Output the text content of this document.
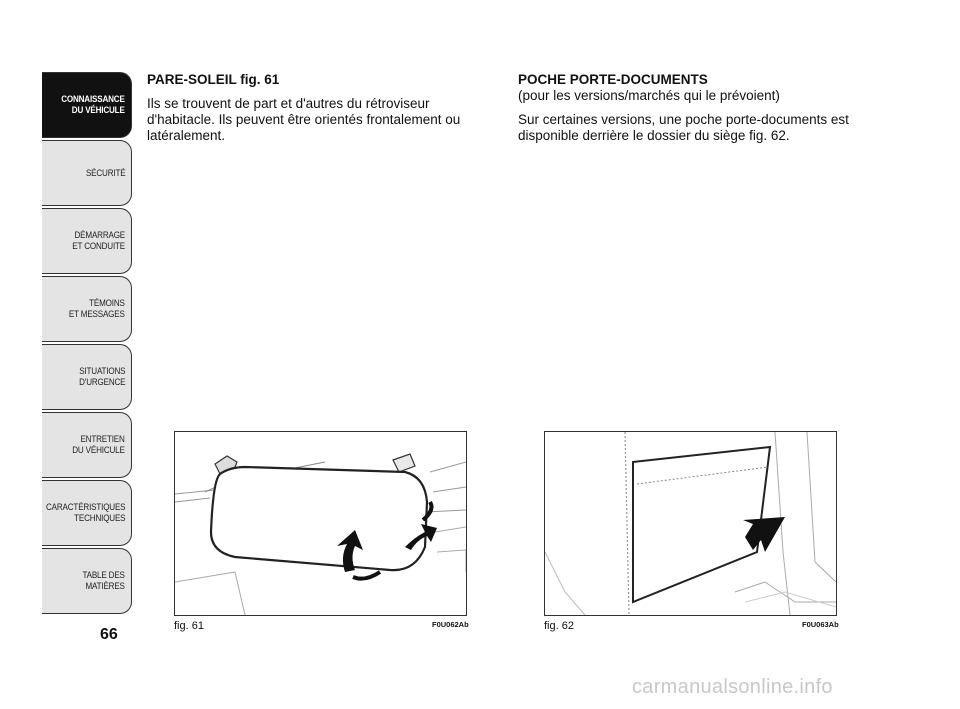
CONNAISSANCE
DU VÉHICULE
SÉCURITÉ
DÉMARRAGE
ET CONDUITE
TÉMOINS
ET MESSAGES
SITUATIONS
D'URGENCE
ENTRETIEN
DU VÉHICULE
CARACTÉRISTIQUES
TECHNIQUES
TABLE DES
MATIÈRES
66
PARE-SOLEIL fig. 61

Ils se trouvent de part et d'autres du rétroviseur d'habitacle. Ils peuvent être orientés frontalement ou latéralement.

POCHE PORTE-DOCUMENTS

(pour les versions/marchés qui le prévoient)

Sur certaines versions, une poche porte-documents est disponible derrière le dossier du siège fig. 62.

fig. 61	F0U062Ab	fig. 62	F0U063Ab
carmanualsonline.info
